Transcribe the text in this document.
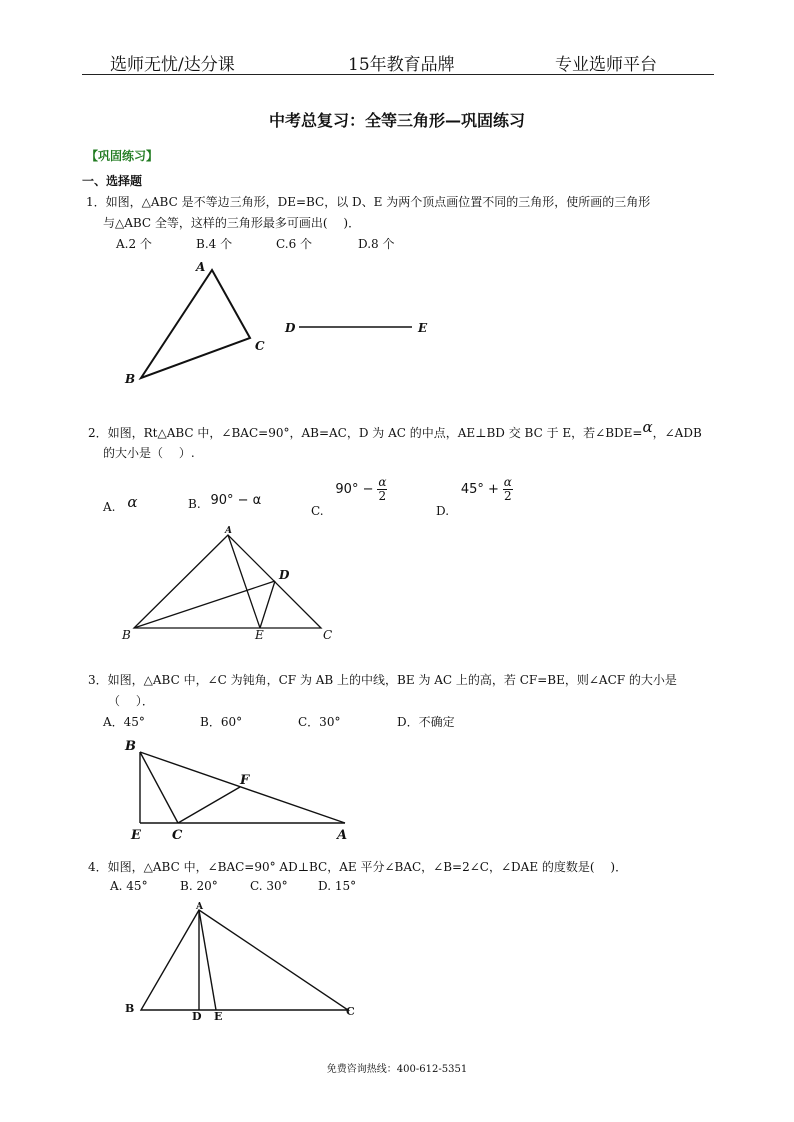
选师无忧/达分课	15年教育品牌	专业选师平台
中考总复习：全等三角形—巩固练习
【巩固练习】
一、选择题
1．如图，△ABC 是不等边三角形，DE=BC，以 D、E 为两个顶点画位置不同的三角形，使所画的三角形
与△ABC 全等，这样的三角形最多可画出(　 )．
A.2 个	B.4 个	C.6 个	D.8 个
A
C
B
D	E
2．如图，Rt△ABC 中，∠BAC=90°，AB=AC，D 为 AC 的中点，AE⊥BD 交 BC 于 E，若∠BDE=α，∠ADB
的大小是（　 ）.
A. α	B. 90° − α
C. $90^\circ - \frac{\alpha}{2}$
D. $45^\circ + \frac{\alpha}{2}$
A
D
B	E	C
3．如图，△ABC 中，∠C 为钝角，CF 为 AB 上的中线，BE 为 AC 上的高，若 CF=BE，则∠ACF 的大小是
（　 ）．
A．45°	B．60°	C．30°	D．不确定
B
F
E C	A
4．如图，△ABC 中，∠BAC=90° AD⊥BC，AE 平分∠BAC，∠B=2∠C，∠DAE 的度数是(　 )．
A. 45°	B. 20°	C. 30°	D. 15°
A
B
D E	C
免费咨询热线：400-612-5351
